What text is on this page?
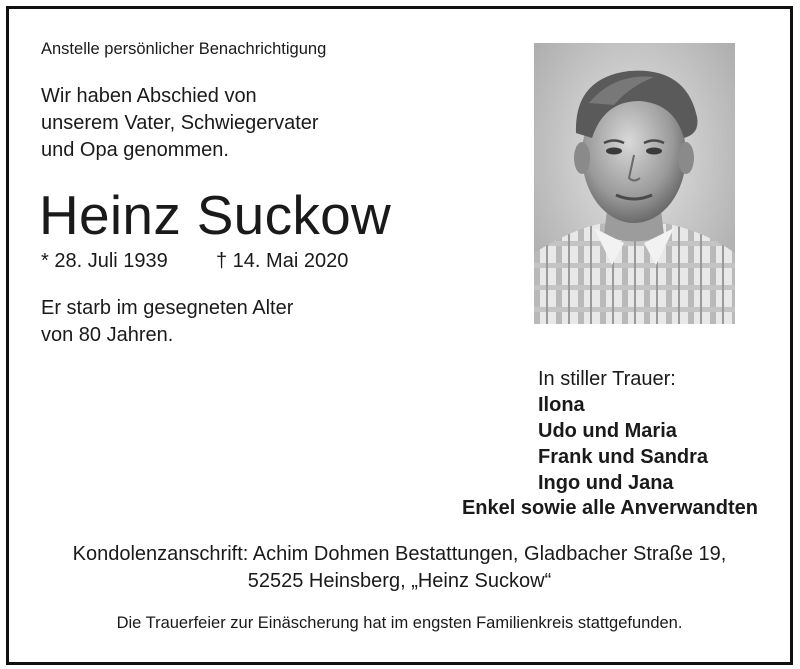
Anstelle persönlicher Benachrichtigung
Wir haben Abschied von
unserem Vater, Schwiegervater
und Opa genommen.
Heinz Suckow
* 28. Juli 1939 † 14. Mai 2020
Er starb im gesegneten Alter
von 80 Jahren.
In stiller Trauer:
Ilona
Udo und Maria
Frank und Sandra
Ingo und Jana
Enkel sowie alle Anverwandten
Kondolenzanschrift: Achim Dohmen Bestattungen, Gladbacher Straße 19,
52525 Heinsberg, „Heinz Suckow“
Die Trauerfeier zur Einäscherung hat im engsten Familienkreis stattgefunden.
